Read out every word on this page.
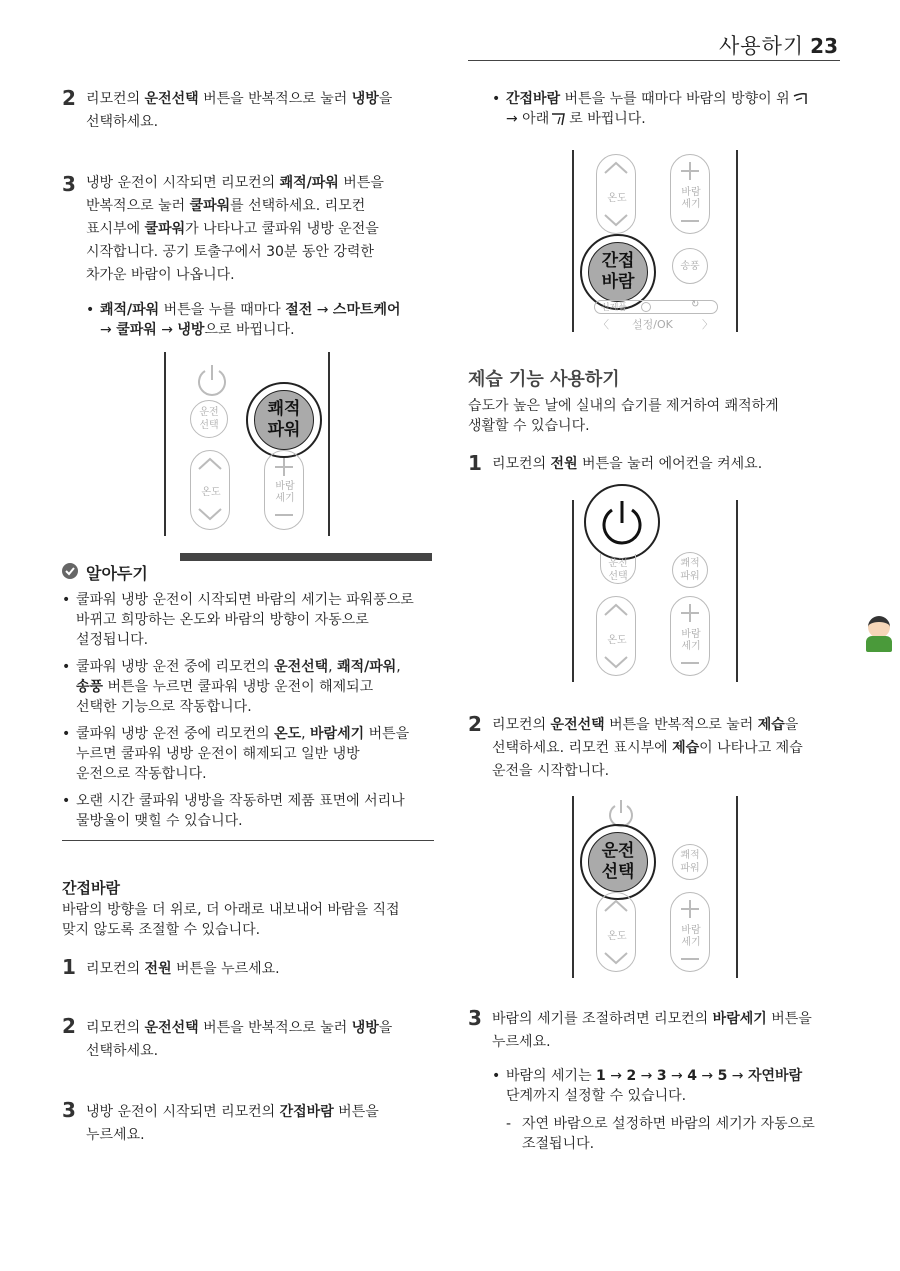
사용하기 23
2 리모컨의 운전선택 버튼을 반복적으로 눌러 냉방을
선택하세요.
3 냉방 운전이 시작되면 리모컨의 쾌적/파워 버튼을
반복적으로 눌러 쿨파워를 선택하세요. 리모컨
표시부에 쿨파워가 나타나고 쿨파워 냉방 운전을
시작합니다. 공기 토출구에서 30분 동안 강력한
차가운 바람이 나옵니다.
• 쾌적/파워 버튼을 누를 때마다 절전 → 스마트케어
→ 쿨파워 → 냉방으로 바뀝니다.
운전
선택
쾌적
파워
온도
바람
세기
알아두기
• 쿨파워 냉방 운전이 시작되면 바람의 세기는 파워풍으로
바뀌고 희망하는 온도와 바람의 방향이 자동으로
설정됩니다.
• 쿨파워 냉방 운전 중에 리모컨의 운전선택, 쾌적/파워,
송풍 버튼을 누르면 쿨파워 냉방 운전이 해제되고
선택한 기능으로 작동합니다.
• 쿨파워 냉방 운전 중에 리모컨의 온도, 바람세기 버튼을
누르면 쿨파워 냉방 운전이 해제되고 일반 냉방
운전으로 작동합니다.
• 오랜 시간 쿨파워 냉방을 작동하면 제품 표면에 서리나
물방울이 맺힐 수 있습니다.
간접바람
바람의 방향을 더 위로, 더 아래로 내보내어 바람을 직접
맞지 않도록 조절할 수 있습니다.
1 리모컨의 전원 버튼을 누르세요.
2 리모컨의 운전선택 버튼을 반복적으로 눌러 냉방을
선택하세요.
3 냉방 운전이 시작되면 리모컨의 간접바람 버튼을
누르세요.
• 간접바람 버튼을 누를 때마다 바람의 방향이 위
→ 아래 로 바뀝니다.
온도
바람
세기
간접
바람
송풍
신제품	↻
〈 설정/OK	〉
제습 기능 사용하기
습도가 높은 날에 실내의 습기를 제거하여 쾌적하게
생활할 수 있습니다.
1 리모컨의 전원 버튼을 눌러 에어컨을 켜세요.
운전
선택
쾌적
파워
온도
바람
세기
2 리모컨의 운전선택 버튼을 반복적으로 눌러 제습을
선택하세요. 리모컨 표시부에 제습이 나타나고 제습
운전을 시작합니다.
운전
선택
쾌적
파워
온도
바람
세기
3 바람의 세기를 조절하려면 리모컨의 바람세기 버튼을
누르세요.
• 바람의 세기는 1 → 2 → 3 → 4 → 5 → 자연바람
단계까지 설정할 수 있습니다.
- 자연 바람으로 설정하면 바람의 세기가 자동으로
조절됩니다.
